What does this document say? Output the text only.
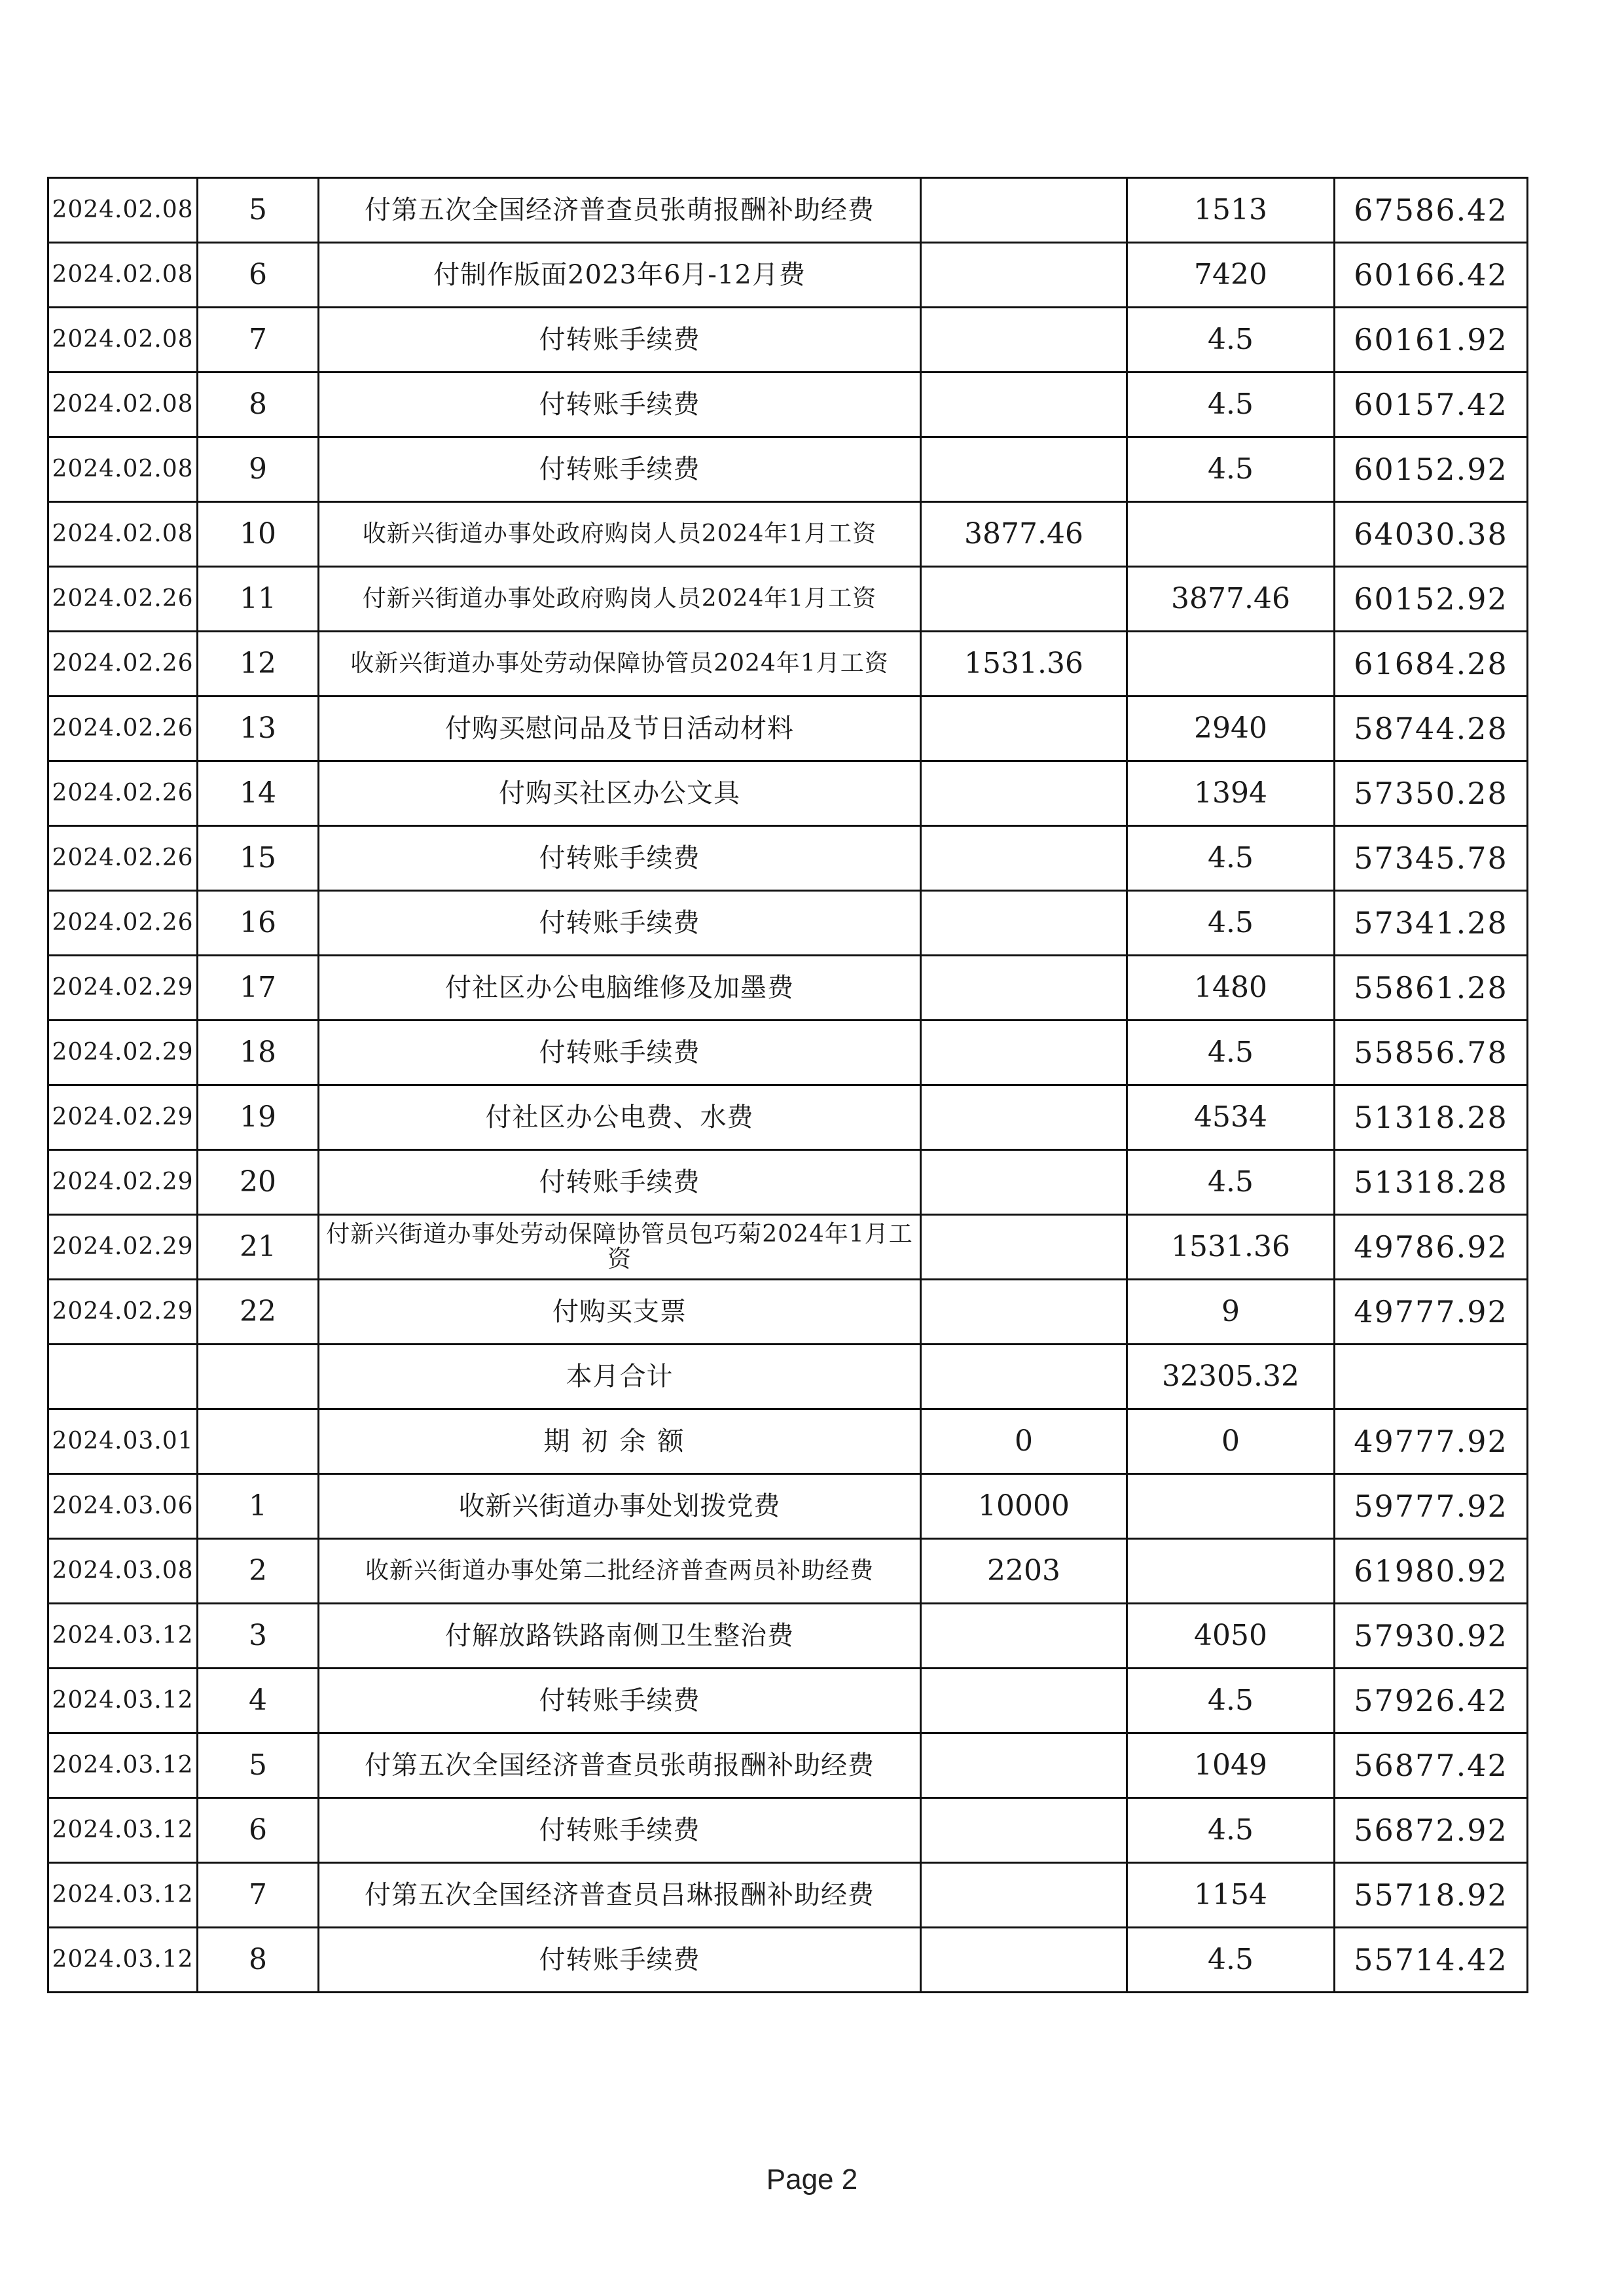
2024.02.08	5	付第五次全国经济普查员张萌报酬补助经费		1513	67586.42
2024.02.08	6	付制作版面2023年6月-12月费		7420	60166.42
2024.02.08	7	付转账手续费		4.5	60161.92
2024.02.08	8	付转账手续费		4.5	60157.42
2024.02.08	9	付转账手续费		4.5	60152.92
2024.02.08	10	收新兴街道办事处政府购岗人员2024年1月工资	3877.46		64030.38
2024.02.26	11	付新兴街道办事处政府购岗人员2024年1月工资		3877.46	60152.92
2024.02.26	12	收新兴街道办事处劳动保障协管员2024年1月工资	1531.36		61684.28
2024.02.26	13	付购买慰问品及节日活动材料		2940	58744.28
2024.02.26	14	付购买社区办公文具		1394	57350.28
2024.02.26	15	付转账手续费		4.5	57345.78
2024.02.26	16	付转账手续费		4.5	57341.28
2024.02.29	17	付社区办公电脑维修及加墨费		1480	55861.28
2024.02.29	18	付转账手续费		4.5	55856.78
2024.02.29	19	付社区办公电费、水费		4534	51318.28
2024.02.29	20	付转账手续费		4.5	51318.28
2024.02.29	21	付新兴街道办事处劳动保障协管员包巧菊2024年1月工资		1531.36	49786.92
2024.02.29	22	付购买支票		9	49777.92
		本月合计		32305.32	
2024.03.01		期初余额	0	0	49777.92
2024.03.06	1	收新兴街道办事处划拨党费	10000		59777.92
2024.03.08	2	收新兴街道办事处第二批经济普查两员补助经费	2203		61980.92
2024.03.12	3	付解放路铁路南侧卫生整治费		4050	57930.92
2024.03.12	4	付转账手续费		4.5	57926.42
2024.03.12	5	付第五次全国经济普查员张萌报酬补助经费		1049	56877.42
2024.03.12	6	付转账手续费		4.5	56872.92
2024.03.12	7	付第五次全国经济普查员吕琳报酬补助经费		1154	55718.92
2024.03.12	8	付转账手续费		4.5	55714.42
Page 2
